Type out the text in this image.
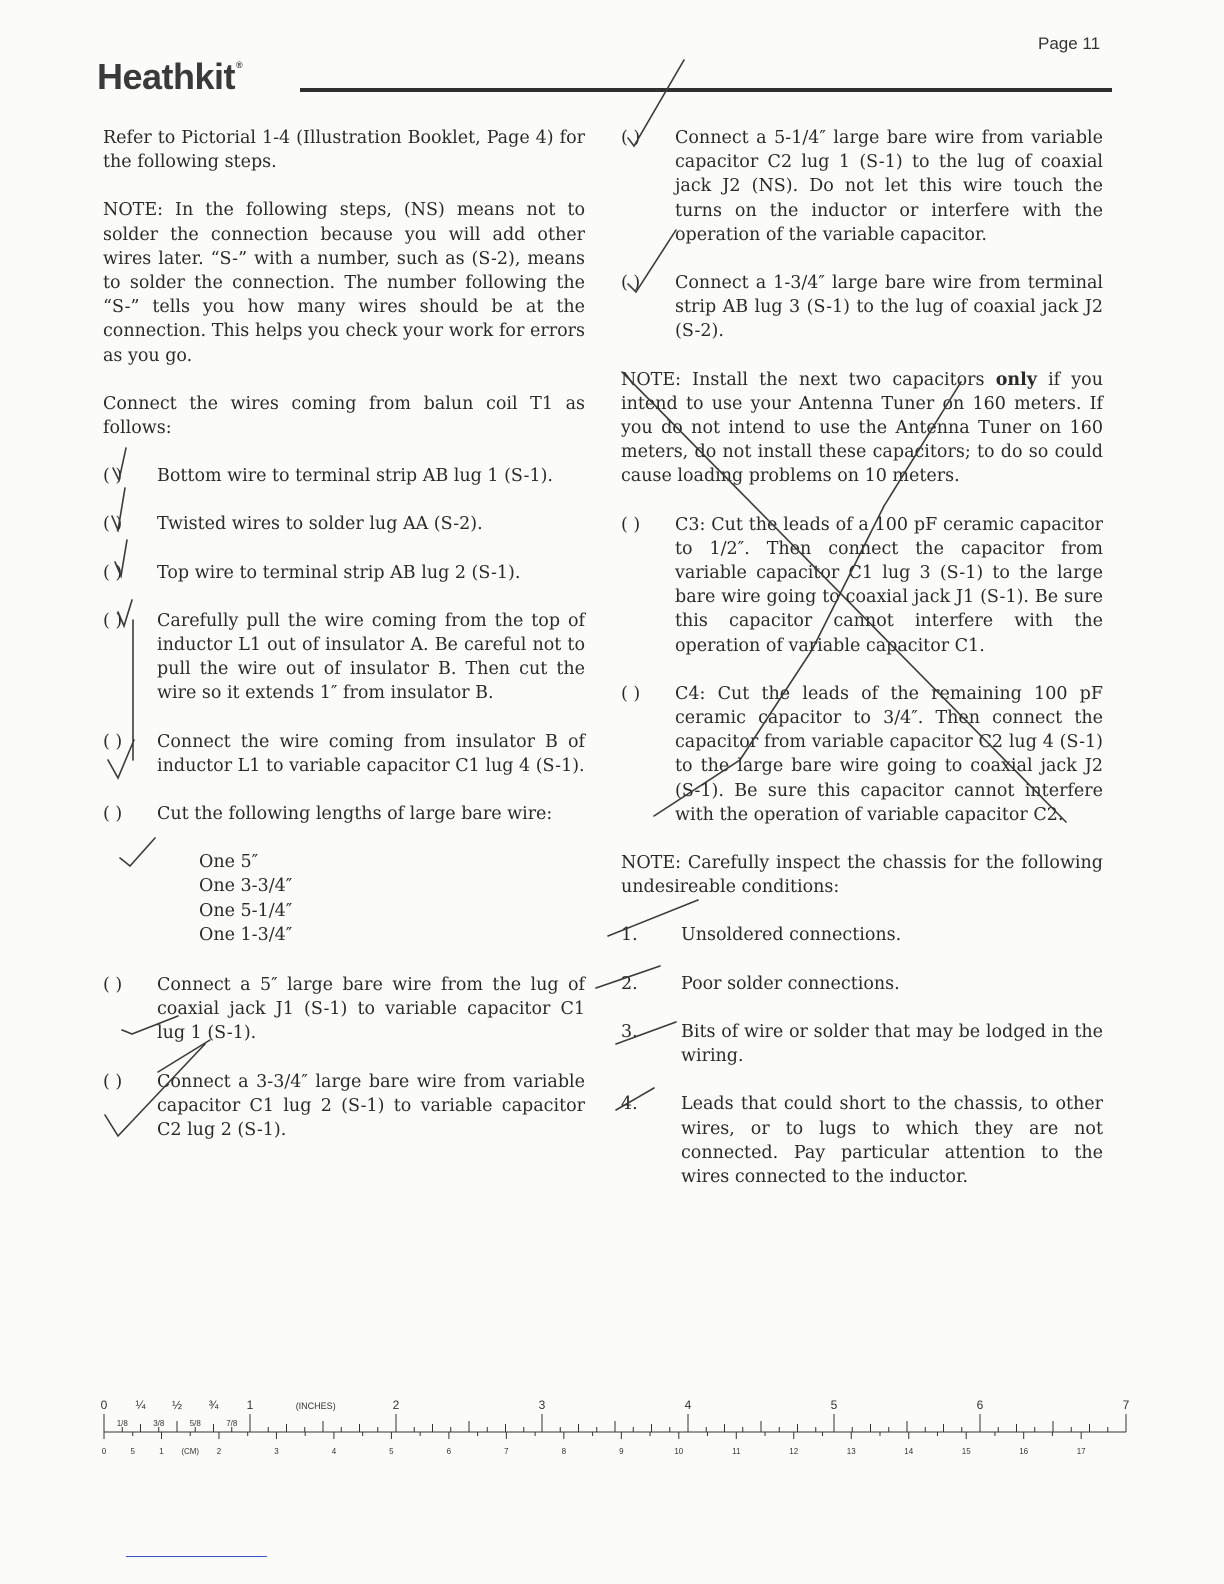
Page 11
Heathkit®

Refer to Pictorial 1-4 (Illustration Booklet, Page 4) for the following steps.

NOTE: In the following steps, (NS) means not to solder the connection because you will add other wires later. “S-” with a number, such as (S-2), means to solder the connection. The number following the “S-” tells you how many wires should be at the connection. This helps you check your work for errors as you go.

Connect the wires coming from balun coil T1 as follows:

( ) Bottom wire to terminal strip AB lug 1 (S-1).
( ) Twisted wires to solder lug AA (S-2).
( ) Top wire to terminal strip AB lug 2 (S-1).
( ) Carefully pull the wire coming from the top of inductor L1 out of insulator A. Be careful not to pull the wire out of insulator B. Then cut the wire so it extends 1″ from insulator B.
( ) Connect the wire coming from insulator B of inductor L1 to variable capacitor C1 lug 4 (S-1).
( ) Cut the following lengths of large bare wire:
One 5″
One 3-3/4″
One 5-1/4″
One 1-3/4″
( ) Connect a 5″ large bare wire from the lug of coaxial jack J1 (S-1) to variable capacitor C1 lug 1 (S-1).
( ) Connect a 3-3/4″ large bare wire from variable capacitor C1 lug 2 (S-1) to variable capacitor C2 lug 2 (S-1).
( ) Connect a 5-1/4″ large bare wire from variable capacitor C2 lug 1 (S-1) to the lug of coaxial jack J2 (NS). Do not let this wire touch the turns on the inductor or interfere with the operation of the variable capacitor.
( ) Connect a 1-3/4″ large bare wire from terminal strip AB lug 3 (S-1) to the lug of coaxial jack J2 (S-2).

NOTE: Install the next two capacitors only if you intend to use your Antenna Tuner on 160 meters. If you do not intend to use the Antenna Tuner on 160 meters, do not install these capacitors; to do so could cause loading problems on 10 meters.

( ) C3: Cut the leads of a 100 pF ceramic capacitor to 1/2″. Then connect the capacitor from variable capacitor C1 lug 3 (S-1) to the large bare wire going to coaxial jack J1 (S-1). Be sure this capacitor cannot interfere with the operation of variable capacitor C1.
( ) C4: Cut the leads of the remaining 100 pF ceramic capacitor to 3/4″. Then connect the capacitor from variable capacitor C2 lug 4 (S-1) to the large bare wire going to coaxial jack J2 (S-1). Be sure this capacitor cannot interfere with the operation of variable capacitor C2.

NOTE: Carefully inspect the chassis for the following undesireable conditions:

1. Unsoldered connections.
2. Poor solder connections.
3. Bits of wire or solder that may be lodged in the wiring.
4. Leads that could short to the chassis, to other wires, or to lugs to which they are not connected. Pay particular attention to the wires connected to the inductor.
0 ¼ ½ ¾ 1	(INCHES)	2	3	4	5	6	7
1/8	3/8	5/8	7/8
0	5	1 (CM) 2	3	4	5	6	7	8	9	10	11	12	13	14	15	16	17
